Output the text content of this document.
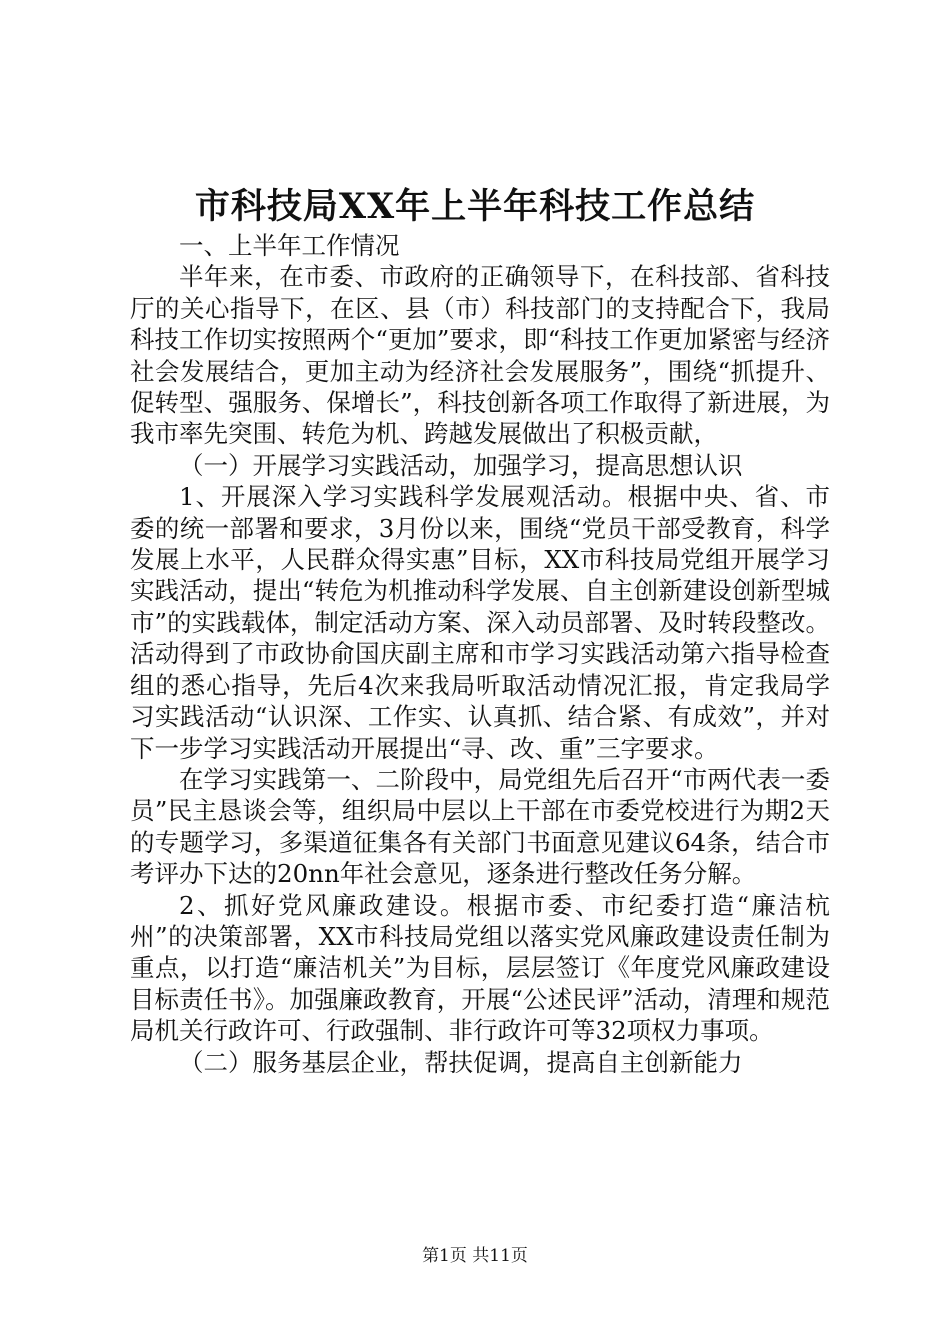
市科技局XX年上半年科技工作总结

一、上半年工作情况

半年来，在市委、市政府的正确领导下，在科技部、省科技厅的关心指导下，在区、县（市）科技部门的支持配合下，我局科技工作切实按照两个“更加”要求，即“科技工作更加紧密与经济社会发展结合，更加主动为经济社会发展服务”，围绕“抓提升、促转型、强服务、保增长”，科技创新各项工作取得了新进展，为我市率先突围、转危为机、跨越发展做出了积极贡献，

（一）开展学习实践活动，加强学习，提高思想认识

1、开展深入学习实践科学发展观活动。根据中央、省、市委的统一部署和要求，3月份以来，围绕“党员干部受教育，科学发展上水平，人民群众得实惠”目标，XX市科技局党组开展学习实践活动，提出“转危为机推动科学发展、自主创新建设创新型城市”的实践载体，制定活动方案、深入动员部署、及时转段整改。活动得到了市政协俞国庆副主席和市学习实践活动第六指导检查组的悉心指导，先后4次来我局听取活动情况汇报，肯定我局学习实践活动“认识深、工作实、认真抓、结合紧、有成效”，并对下一步学习实践活动开展提出“寻、改、重”三字要求。

在学习实践第一、二阶段中，局党组先后召开“市两代表一委员”民主恳谈会等，组织局中层以上干部在市委党校进行为期2天的专题学习，多渠道征集各有关部门书面意见建议64条，结合市考评办下达的20nn年社会意见，逐条进行整改任务分解。

2、抓好党风廉政建设。根据市委、市纪委打造“廉洁杭州”的决策部署，XX市科技局党组以落实党风廉政建设责任制为重点，以打造“廉洁机关”为目标，层层签订《年度党风廉政建设目标责任书》。加强廉政教育，开展“公述民评”活动，清理和规范局机关行政许可、行政强制、非行政许可等32项权力事项。

（二）服务基层企业，帮扶促调，提高自主创新能力

第1页 共11页
